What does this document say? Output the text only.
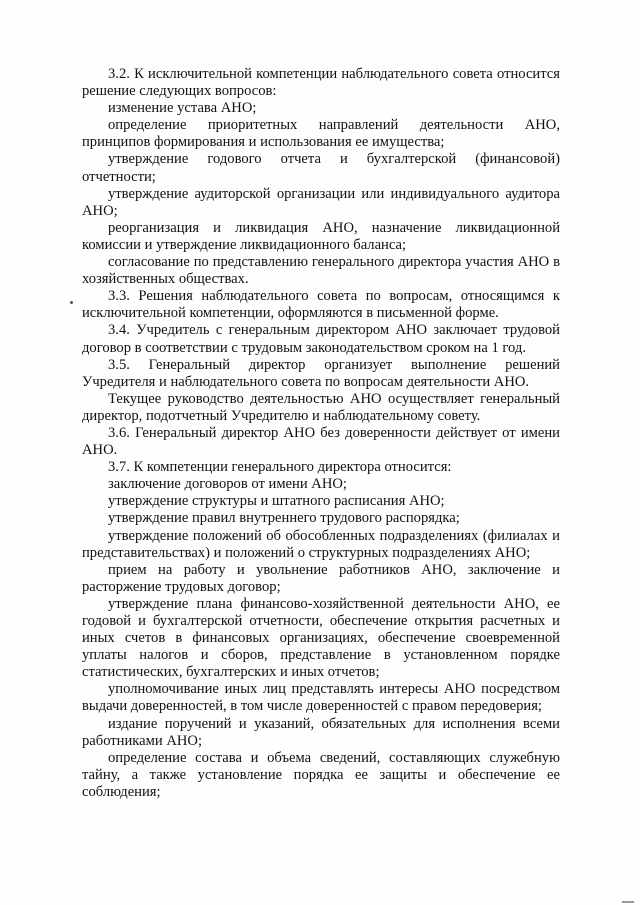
3.2. К исключительной компетенции наблюдательного совета относится решение следующих вопросов:

изменение устава АНО;

определение приоритетных направлений деятельности АНО, принципов формирования и использования ее имущества;

утверждение годового отчета и бухгалтерской (финансовой) отчетности;

утверждение аудиторской организации или индивидуального аудитора АНО;

реорганизация и ликвидация АНО, назначение ликвидационной комиссии и утверждение ликвидационного баланса;

согласование по представлению генерального директора участия АНО в хозяйственных обществах.

3.3. Решения наблюдательного совета по вопросам, относящимся к исключительной компетенции, оформляются в письменной форме.

3.4. Учредитель с генеральным директором АНО заключает трудовой договор в соответствии с трудовым законодательством сроком на 1 год.

3.5. Генеральный директор организует выполнение решений Учредителя и наблюдательного совета по вопросам деятельности АНО.

Текущее руководство деятельностью АНО осуществляет генеральный директор, подотчетный Учредителю и наблюдательному совету.

3.6. Генеральный директор АНО без доверенности действует от имени АНО.

3.7. К компетенции генерального директора относится:

заключение договоров от имени АНО;

утверждение структуры и штатного расписания АНО;

утверждение правил внутреннего трудового распорядка;

утверждение положений об обособленных подразделениях (филиалах и представительствах) и положений о структурных подразделениях АНО;

прием на работу и увольнение работников АНО, заключение и расторжение трудовых договор;

утверждение плана финансово-хозяйственной деятельности АНО, ее годовой и бухгалтерской отчетности, обеспечение открытия расчетных и иных счетов в финансовых организациях, обеспечение своевременной уплаты налогов и сборов, представление в установленном порядке статистических, бухгалтерских и иных отчетов;

уполномочивание иных лиц представлять интересы АНО посредством выдачи доверенностей, в том числе доверенностей с правом передоверия;

издание поручений и указаний, обязательных для исполнения всеми работниками АНО;

определение состава и объема сведений, составляющих служебную тайну, а также установление порядка ее защиты и обеспечение ее соблюдения;
